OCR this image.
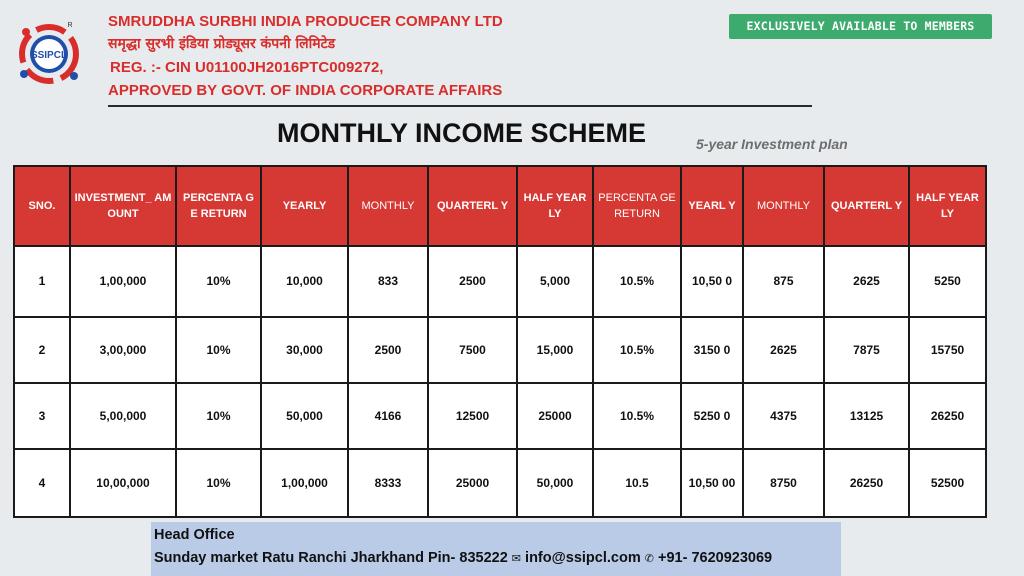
SSIPCL
R SMRUDDHA SURBHI INDIA PRODUCER COMPANY LTD
समृद्धा सुरभी इंडिया प्रोड्यूसर कंपनी लिमिटेड
REG. :- CIN U01100JH2016PTC009272,
APPROVED BY GOVT. OF INDIA CORPORATE AFFAIRS
EXCLUSIVELY AVAILABLE TO MEMBERS
MONTHLY INCOME SCHEME	5-year Investment plan
SNO.	INVESTMENT_ AMOUNT	PERCENTA GE RETURN	YEARLY	MONTHLY	QUARTERL Y	HALF YEARLY	PERCENTA GE RETURN	YEARL Y	MONTHLY	QUARTERL Y	HALF YEARLY
1	1,00,000	10%	10,000	833	2500	5,000	10.5%	10,50 0	875	2625	5250
2	3,00,000	10%	30,000	2500	7500	15,000	10.5%	3150 0	2625	7875	15750
3	5,00,000	10%	50,000	4166	12500	25000	10.5%	5250 0	4375	13125	26250
4	10,00,000	10%	1,00,000	8333	25000	50,000	10.5	10,50 00	8750	26250	52500
Head Office
Sunday market Ratu Ranchi Jharkhand Pin- 835222 ✉ info@ssipcl.com ✆ +91- 7620923069
